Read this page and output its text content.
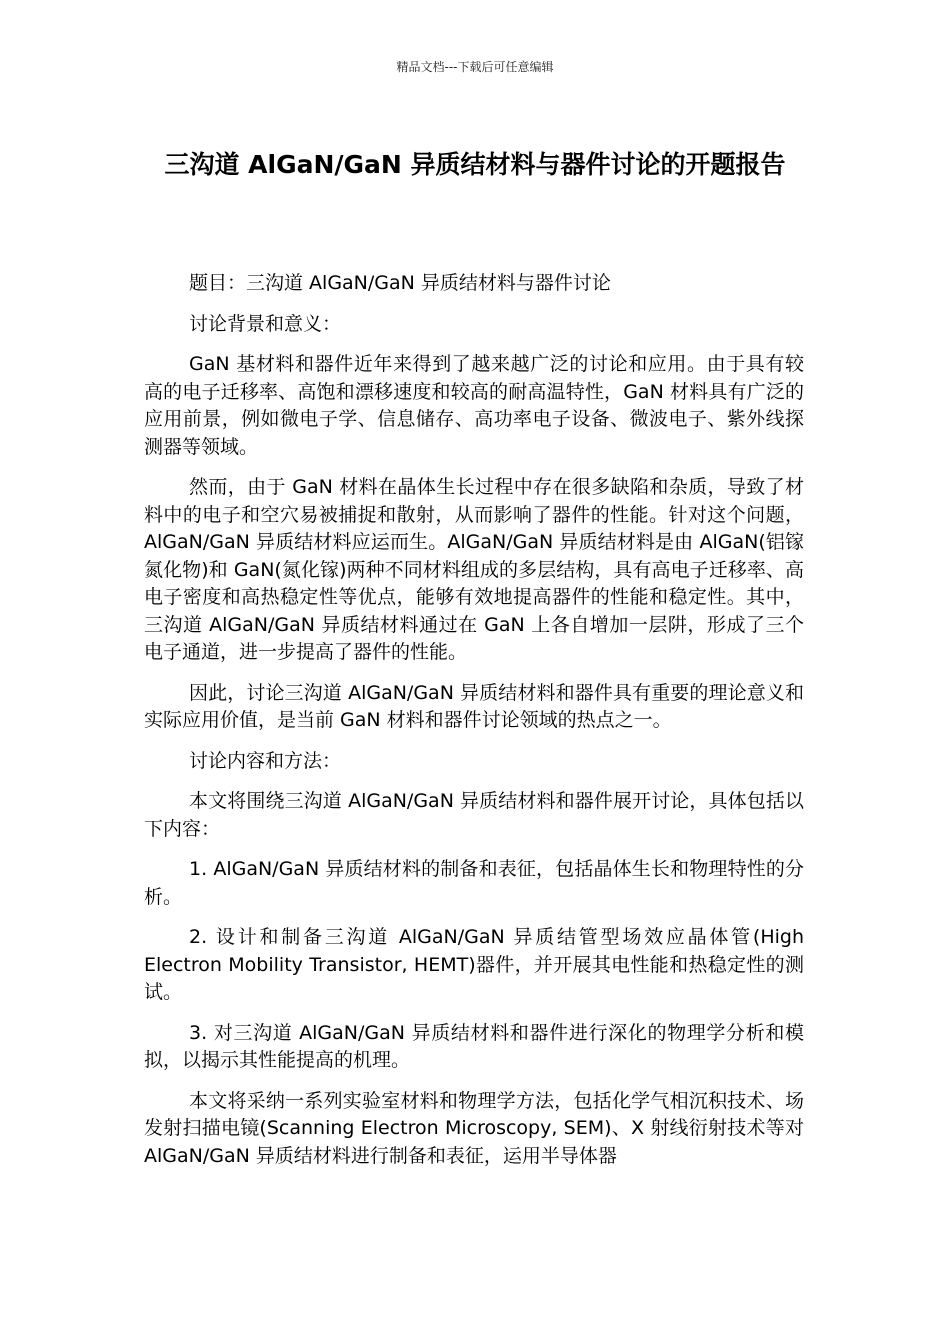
精品文档---下载后可任意编辑
三沟道 AlGaN/GaN 异质结材料与器件讨论的开题报告

题目：三沟道 AlGaN/GaN 异质结材料与器件讨论

讨论背景和意义：

GaN 基材料和器件近年来得到了越来越广泛的讨论和应用。由于具有较高的电子迁移率、高饱和漂移速度和较高的耐高温特性，GaN 材料具有广泛的应用前景，例如微电子学、信息储存、高功率电子设备、微波电子、紫外线探测器等领域。

然而，由于 GaN 材料在晶体生长过程中存在很多缺陷和杂质，导致了材料中的电子和空穴易被捕捉和散射，从而影响了器件的性能。针对这个问题，AlGaN/GaN 异质结材料应运而生。AlGaN/GaN 异质结材料是由 AlGaN(铝镓氮化物)和 GaN(氮化镓)两种不同材料组成的多层结构，具有高电子迁移率、高电子密度和高热稳定性等优点，能够有效地提高器件的性能和稳定性。其中，三沟道 AlGaN/GaN 异质结材料通过在 GaN 上各自增加一层阱，形成了三个电子通道，进一步提高了器件的性能。

因此，讨论三沟道 AlGaN/GaN 异质结材料和器件具有重要的理论意义和实际应用价值，是当前 GaN 材料和器件讨论领域的热点之一。

讨论内容和方法：

本文将围绕三沟道 AlGaN/GaN 异质结材料和器件展开讨论，具体包括以下内容：

1. AlGaN/GaN 异质结材料的制备和表征，包括晶体生长和物理特性的分析。

2. 设计和制备三沟道 AlGaN/GaN 异质结管型场效应晶体管(High Electron Mobility Transistor, HEMT)器件，并开展其电性能和热稳定性的测试。

3. 对三沟道 AlGaN/GaN 异质结材料和器件进行深化的物理学分析和模拟，以揭示其性能提高的机理。

本文将采纳一系列实验室材料和物理学方法，包括化学气相沉积技术、场发射扫描电镜(Scanning Electron Microscopy, SEM)、X 射线衍射技术等对 AlGaN/GaN 异质结材料进行制备和表征，运用半导体器
